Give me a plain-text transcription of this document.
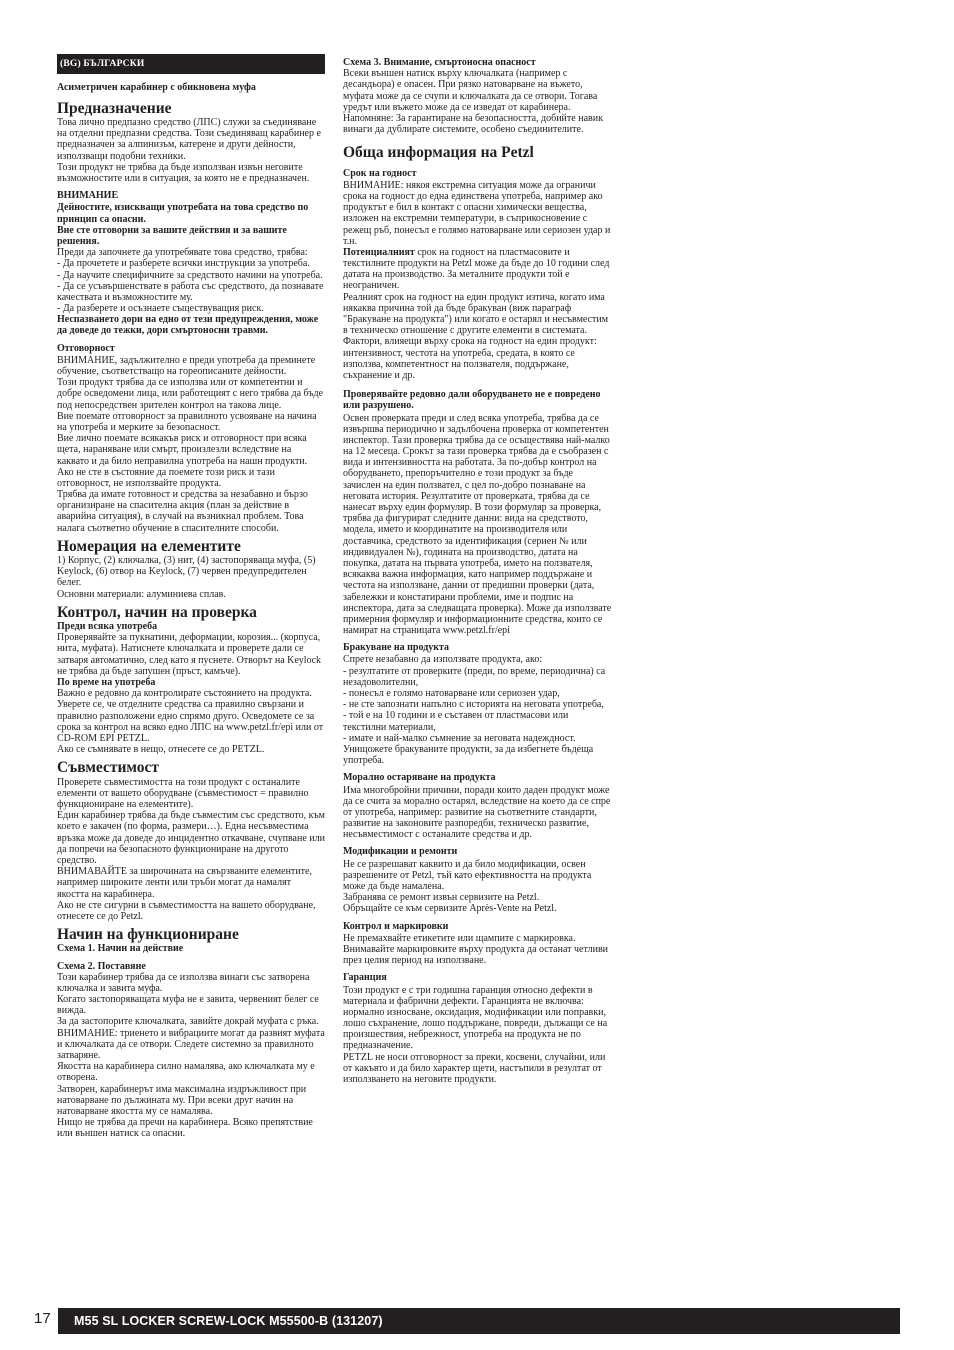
(BG) БЪЛГАРСКИ
Асиметричен карабинер с обикновена муфа
Предназначение

Това лично предпазно средство (ЛПС) служи за съединяване на отделни предпазни средства. Този съединяващ карабинер е предназначен за алпинизъм, катерене и други дейности, използващи подобни техники.

Този продукт не трябва да бъде използван извън неговите възможностите или в ситуация, за която не е предназначен.

ВНИМАНИЕ

Дейностите, изискващи употребата на това средство по принцип са опасни.

Вие сте отговорни за вашите действия и за вашите решения.

Преди да започнете да употребявате това средство, трябва:

- Да прочетете и разберете всички инструкции за употреба.

- Да научите специфичните за средството начини на употреба.

- Да се усъвършенствате в работа със средството, да познавате качествата и възможностите му.

- Да разберете и осъзнаете съществуващия риск.

Неспазването дори на едно от тези предупреждения, може да доведе до тежки, дори смъртоносни травми.

Отговорност

ВНИМАНИЕ, задължително е преди употреба да преминете обучение, съответстващо на гореописаните дейности.

Този продукт трябва да се използва или от компетентни и добре осведомени лица, или работещият с него трябва да бъде под непосредствен зрителен контрол на такова лице.

Вие поемате отговорност за правилното усвояване на начина на употреба и мерките за безопасност.

Вие лично поемате всякакъв риск и отговорност при всяка щета, нараняване или смърт, произлезли вследствие на каквато и да било неправилна употреба на нашн продукти. Ако не сте в състояние да поемете този риск и тази отговорност, не използвайте продукта.

Трябва да имате готовност и средства за незабавно и бързо организиране на спасителна акция (план за действие в аварийна ситуация), в случай на възникнал проблем. Това налага съответно обучение в спасителните способи.

Номерация на елементите

1) Корпус, (2) ключалка, (3) нит, (4) застопоряваща муфа, (5) Keylock, (6) отвор на Keylock, (7) червен предупредителен белег.

Основни материали: алуминиева сплав.

Контрол, начин на проверка

Преди всяка употреба

Проверявайте за пукнатини, деформации, корозия... (корпуса, нита, муфата). Натиснете ключалката и проверете дали се затваря автоматично, след като я пуснете. Отворът на Keylock не трябва да бъде запушен (пръст, камъче).

По време на употреба

Важно е редовно да контролирате състоянието на продукта. Уверете се, че отделните средства са правилно свързани и правилно разположени едно спрямо друго. Осведомете се за срока за контрол на всяко едно ЛПС на www.petzl.fr/epi или от CD-ROM EPI PETZL.

Ако се съмнявате в нещо, отнесете се до PETZL.

Съвместимост

Проверете съвместимостта на този продукт с останалите елементи от вашето оборудване (съвместимост = правилно функциониране на елементите).

Един карабинер трябва да бъде съвместим със средството, към което е закачен (по форма, размери…). Една несъвместима връзка може да доведе до инцидентно откачване, счупване или да попречи на безопасното функциониране на другото средство.

ВНИМАВАЙТЕ за широчината на свързваните елементите, например широките ленти или тръби могат да намалят якостта на карабинера.

Ако не сте сигурни в съвместимостта на вашето оборудване, отнесете се до Petzl.

Начин на функциониране

Схема 1. Начин на действие

Схема 2. Поставяне

Този карабинер трябва да се използва винаги със затворена ключалка и завита муфа.

Когато застопоряващата муфа не е завита, червеният белег се вижда.

За да застопорите ключалката, завийте докрай муфата с ръка.

ВНИМАНИЕ: триенето и вибрациите могат да развият муфата и ключалката да се отвори. Следете системно за правилното затваряне.

Якостта на карабинера силно намалява, ако ключалката му е отворена.

Затворен, карабинерът има максимална издръжливост при натоварване по дължината му. При всеки друг начин на натоварване якостта му се намалява.

Нищо не трябва да пречи на карабинера. Всяко препятствие или външен натиск са опасни.

Схема 3. Внимание, смъртоносна опасност

Всеки външен натиск върху ключалката (например с десандьора) е опасен. При рязко натоварване на въжето, муфата може да се счупи и ключалката да се отвори. Тогава уредът или въжето може да се изведат от карабинера.

Напомняне: За гарантиране на безопасността, добийте навик винаги да дублирате системите, особено съединителите.

Обща информация на Petzl
Срок на годност

ВНИМАНИЕ: някоя екстремна ситуация може да ограничи срока на годност до една единствена употреба, например ако продуктът е бил в контакт с опасни химически вещества, изложен на екстремни температури, в съприкосновение с режещ ръб, понесъл е голямо натоварване или сериозен удар и т.н.

Потенциалният срок на годност на пластмасовите и текстилните продукти на Petzl може да бъде до 10 години след датата на производство. За металните продукти той е неограничен.

Реалният срок на годност на един продукт изтича, когато има някаква причина той да бъде бракуван (виж параграф "Бракуване на продукта") или когато е остарял и несъвместим в техническо отношение с другите елементи в системата.

Фактори, влияещи върху срока на годност на един продукт: интензивност, честота на употреба, средата, в която се използва, компетентност на ползвателя, поддържане, съхранение и др.

Проверявайте редовно дали оборудването не е повредено или разрушено.

Освен проверката преди и след всяка употреба, трябва да се извършва периодично и задълбочена проверка от компетентен инспектор. Тази проверка трябва да се осъществява най-малко на 12 месеца. Срокът за тази проверка трябва да е съобразен с вида и интензивността на работата. За по-добър контрол на оборудването, препоръчително е този продукт за бъде зачислен на един ползвател, с цел по-добро познаване на неговата история. Резултатите от проверката, трябва да се нанесат върху един формуляр. В този формуляр за проверка, трябва да фигурират следните данни: вида на средството, модела, името и координатите на производителя или доставчика, средството за идентификация (сериен № или индивидуален №), годината на производство, датата на покупка, датата на първата употреба, името на ползвателя, всякаква важна информация, като например поддържане и честота на използване, данни от предишни проверки (дата, забележки и констатирани проблеми, име и подпис на инспектора, дата за следващата проверка). Може да използвате примерния формуляр и информационните средства, които се намират на страницата www.petzl.fr/epi

Бракуване на продукта

Спрете незабавно да използвате продукта, ако:

- резултатите от проверките (преди, по време, периодична) са незадоволителни,

- понесъл е голямо натоварване или сериозен удар,

- не сте запознати напълно с историята на неговата употреба,

- той е на 10 години и е съставен от пластмасови или текстилни материали,

- имате и най-малко съмнение за неговата надеждност.

Унищожете бракуваните продукти, за да избегнете бъдеща употреба.

Морално остаряване на продукта

Има многобройни причини, поради които даден продукт може да се счита за морално остарял, вследствие на което да се спре от употреба, например: развитие на съответните стандарти, развитие на законовите разпоредби, техническо развитие, несъвместимост с останалите средства и др.

Модификации и ремонти

Не се разрешават каквито и да било модификации, освен разрешените от Petzl, тъй като ефективността на продукта може да бъде намалена.

Забранява се ремонт извън сервизите на Petzl.

Обръщайте се към сервизите Après-Vente на Petzl.

Контрол и маркировки

Не премахвайте етикетите или щампите с маркировка. Внимавайте маркировките върху продукта да останат четливи през целия период на използване.

Гаранция

Този продукт е с три годишна гаранция относно дефекти в материала и фабрични дефекти. Гаранцията не включва: нормално износване, оксидация, модификации или поправки, лошо съхранение, лошо поддържане, повреди, дължащи се на произшествия, небрежност, употреба на продукта не по предназначение.

PETZL не носи отговорност за преки, косвени, случайни, или от какъвто и да било характер щети, настъпили в резултат от използването на неговите продукти.

17	M55 SL LOCKER SCREW-LOCK M55500-B (131207)
